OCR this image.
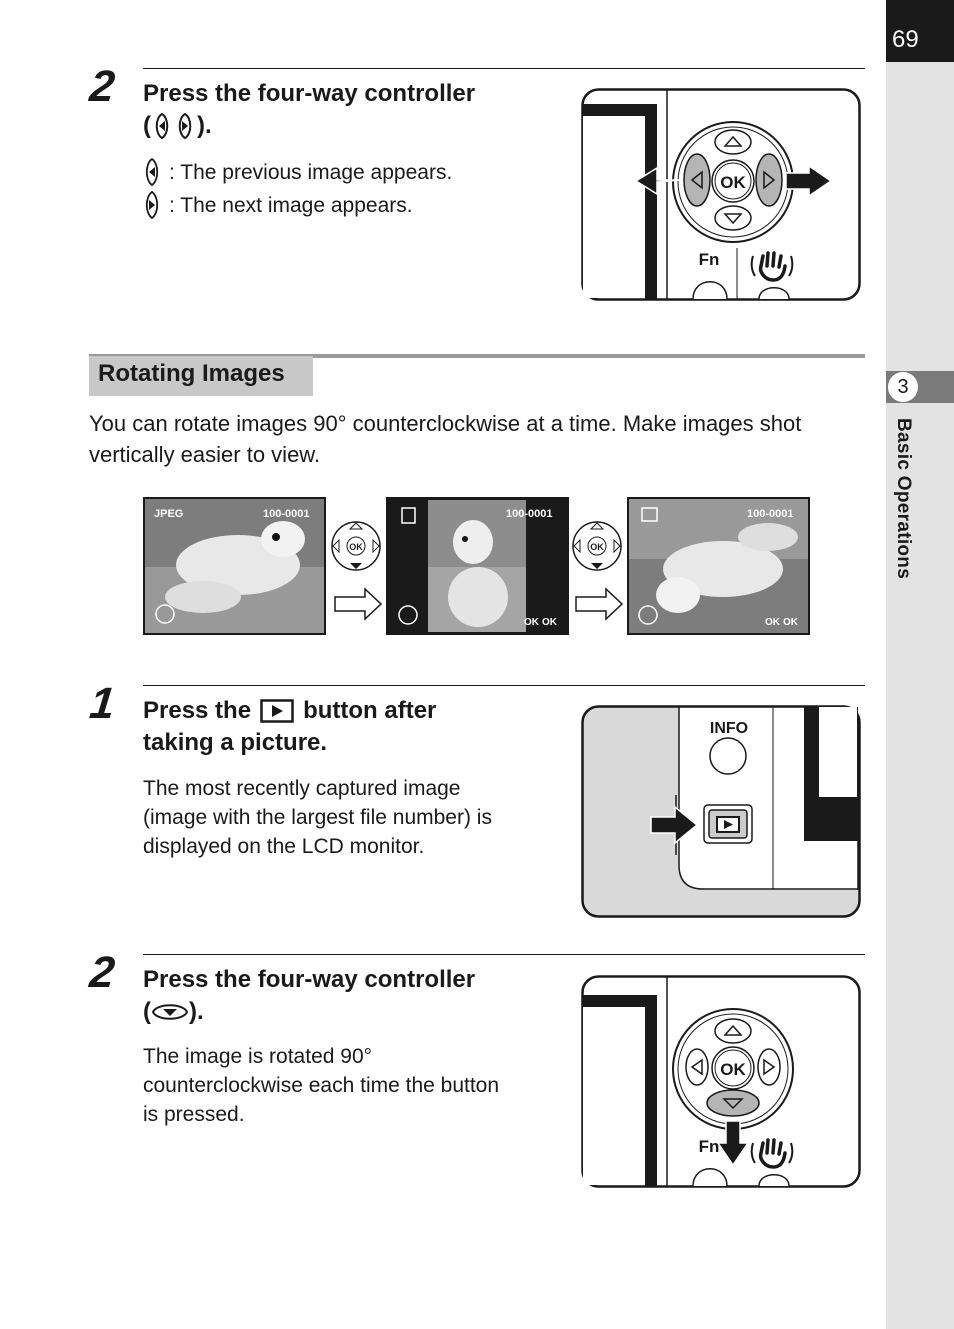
69
3
Basic Operations
2 Press the four-way controller
( ).
: The previous image appears.
: The next image appears.
OK
Fn
Rotating Images
You can rotate images 90° counterclockwise at a time. Make images shot
vertically easier to view.
JPEG	100-0001
OK
100-0001
OK OK
OK
100-0001
OK OK
1 Press the button after
taking a picture.
The most recently captured image
(image with the largest file number) is
displayed on the LCD monitor.
INFO
2 Press the four-way controller
( ).
The image is rotated 90°
counterclockwise each time the button
is pressed.
OK
Fn
